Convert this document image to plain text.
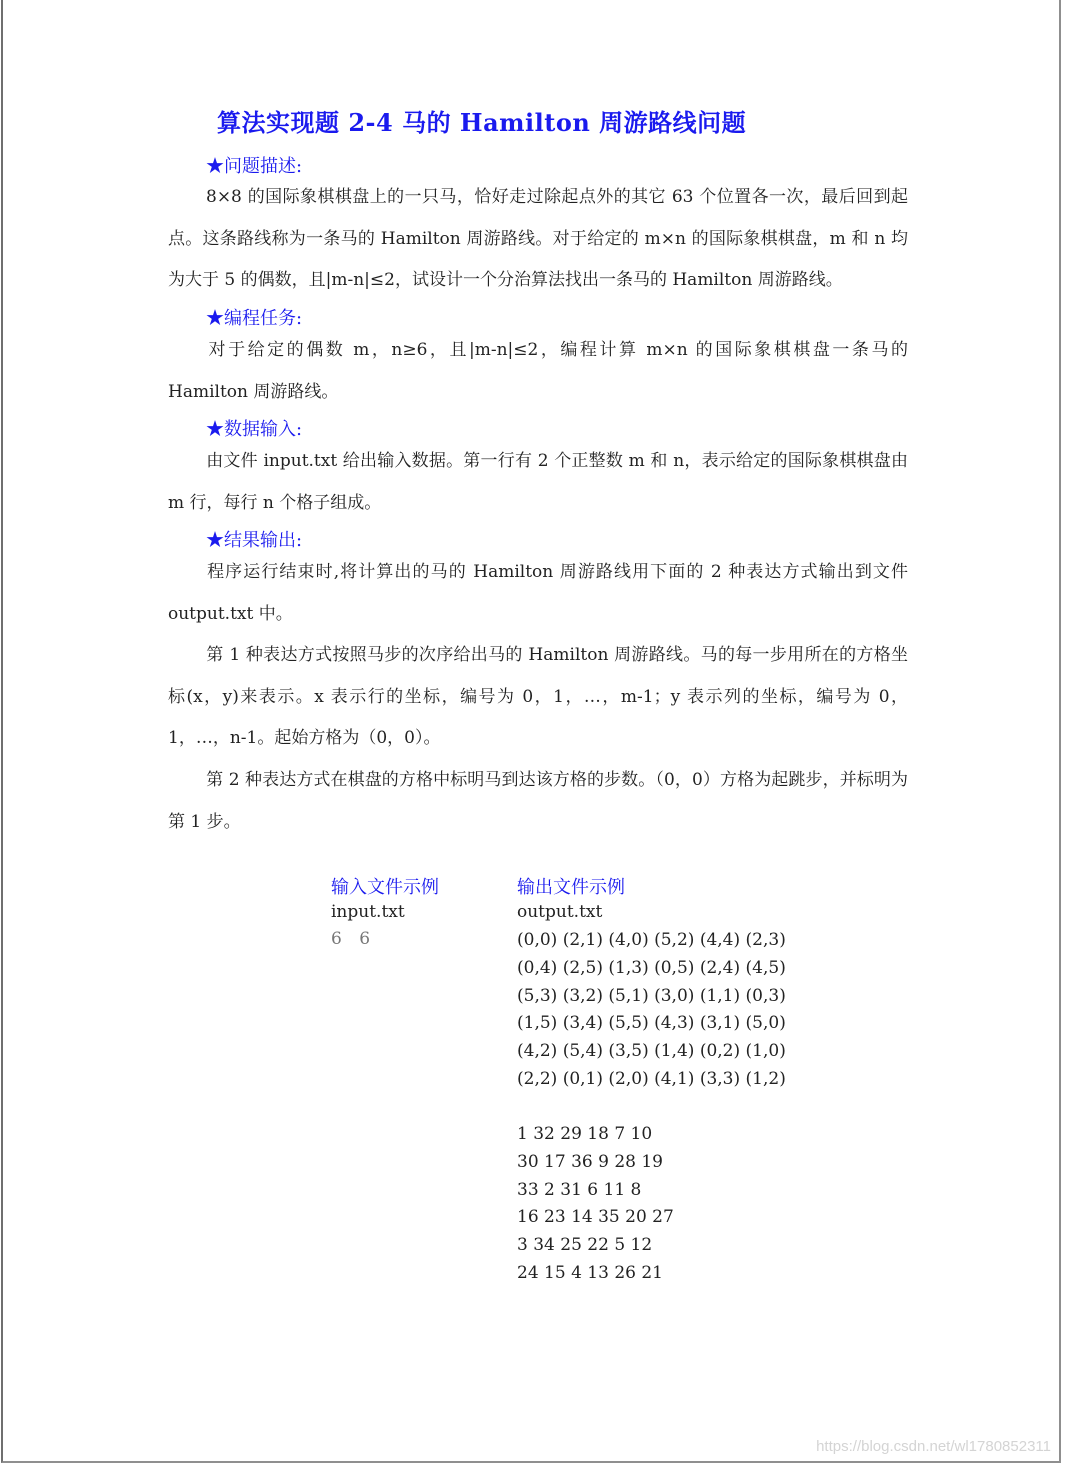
算法实现题 2-4 马的 Hamilton 周游路线问题
★问题描述:

8×8 的国际象棋棋盘上的一只马，恰好走过除起点外的其它 63 个位置各一次，最后回到起点。这条路线称为一条马的 Hamilton 周游路线。对于给定的 m×n 的国际象棋棋盘，m 和 n 均为大于 5 的偶数，且|m-n|≤2，试设计一个分治算法找出一条马的 Hamilton 周游路线。

★编程任务:

对于给定的偶数 m，n≥6，且|m-n|≤2，编程计算 m×n 的国际象棋棋盘一条马的 Hamilton 周游路线。

★数据输入:

由文件 input.txt 给出输入数据。第一行有 2 个正整数 m 和 n，表示给定的国际象棋棋盘由 m 行，每行 n 个格子组成。

★结果输出:

程序运行结束时,将计算出的马的 Hamilton 周游路线用下面的 2 种表达方式输出到文件 output.txt 中。

第 1 种表达方式按照马步的次序给出马的 Hamilton 周游路线。马的每一步用所在的方格坐标(x，y)来表示。x 表示行的坐标，编号为 0，1，…，m-1；y 表示列的坐标，编号为 0，1，…，n-1。起始方格为（0，0）。

第 2 种表达方式在棋盘的方格中标明马到达该方格的步数。（0，0）方格为起跳步，并标明为第 1 步。

输入文件示例
input.txt
6 6
输出文件示例
output.txt
(0,0) (2,1) (4,0) (5,2) (4,4) (2,3)
(0,4) (2,5) (1,3) (0,5) (2,4) (4,5)
(5,3) (3,2) (5,1) (3,0) (1,1) (0,3)
(1,5) (3,4) (5,5) (4,3) (3,1) (5,0)
(4,2) (5,4) (3,5) (1,4) (0,2) (1,0)
(2,2) (0,1) (2,0) (4,1) (3,3) (1,2)
1 32 29 18 7 10
30 17 36 9 28 19
33 2 31 6 11 8
16 23 14 35 20 27
3 34 25 22 5 12
24 15 4 13 26 21
https://blog.csdn.net/wl1780852311
